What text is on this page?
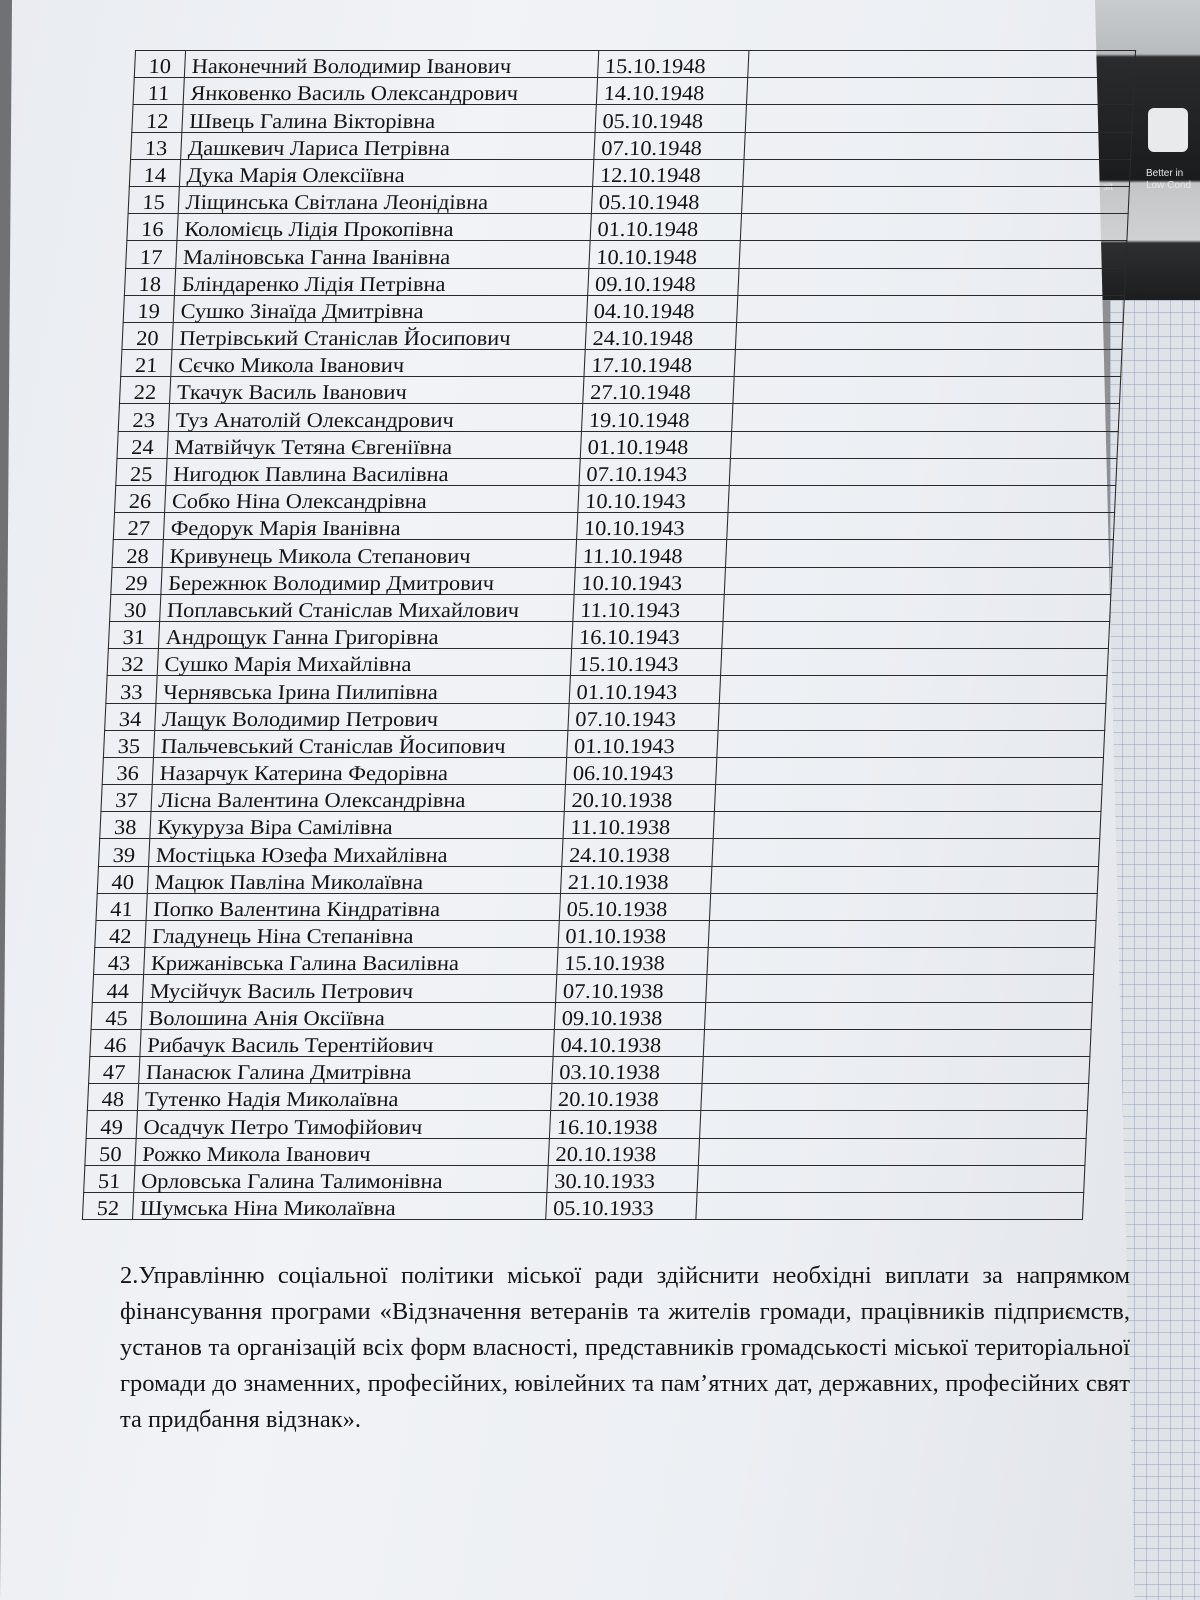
Better in Low Cond
sit
10	Наконечний Володимир Іванович	15.10.1948	
11	Янковенко Василь Олександрович	14.10.1948	
12	Швець Галина Вікторівна	05.10.1948	
13	Дашкевич Лариса Петрівна	07.10.1948	
14	Дука Марія Олексіївна	12.10.1948	
15	Ліщинська Світлана Леонідівна	05.10.1948	
16	Коломієць Лідія Прокопівна	01.10.1948	
17	Маліновська Ганна Іванівна	10.10.1948	
18	Бліндаренко Лідія Петрівна	09.10.1948	
19	Сушко Зінаїда Дмитрівна	04.10.1948	
20	Петрівський Станіслав Йосипович	24.10.1948	
21	Сєчко Микола Іванович	17.10.1948	
22	Ткачук Василь Іванович	27.10.1948	
23	Туз Анатолій Олександрович	19.10.1948	
24	Матвійчук Тетяна Євгеніївна	01.10.1948	
25	Нигодюк Павлина Василівна	07.10.1943	
26	Собко Ніна Олександрівна	10.10.1943	
27	Федорук Марія Іванівна	10.10.1943	
28	Кривунець Микола Степанович	11.10.1948	
29	Бережнюк Володимир Дмитрович	10.10.1943	
30	Поплавський Станіслав Михайлович	11.10.1943	
31	Андрощук Ганна Григорівна	16.10.1943	
32	Сушко Марія Михайлівна	15.10.1943	
33	Чернявська Ірина Пилипівна	01.10.1943	
34	Лащук Володимир Петрович	07.10.1943	
35	Пальчевський Станіслав Йосипович	01.10.1943	
36	Назарчук Катерина Федорівна	06.10.1943	
37	Лісна Валентина Олександрівна	20.10.1938	
38	Кукуруза Віра Самілівна	11.10.1938	
39	Мостіцька Юзефа Михайлівна	24.10.1938	
40	Мацюк Павліна Миколаївна	21.10.1938	
41	Попко Валентина Кіндратівна	05.10.1938	
42	Гладунець Ніна Степанівна	01.10.1938	
43	Крижанівська Галина Василівна	15.10.1938	
44	Мусійчук Василь Петрович	07.10.1938	
45	Волошина Анія Оксіївна	09.10.1938	
46	Рибачук Василь Терентійович	04.10.1938	
47	Панасюк Галина Дмитрівна	03.10.1938	
48	Тутенко Надія Миколаївна	20.10.1938	
49	Осадчук Петро Тимофійович	16.10.1938	
50	Рожко Микола Іванович	20.10.1938	
51	Орловська Галина Талимонівна	30.10.1933	
52	Шумська Ніна Миколаївна	05.10.1933	
2.Управлінню соціальної політики міської ради здійснити необхідні виплати за напрямком фінансування програми «Відзначення ветеранів та жителів громади, працівників підприємств, установ та організацій всіх форм власності, представників громадськості міської територіальної громади до знаменних, професійних, ювілейних та пам’ятних дат, державних, професійних свят та придбання відзнак».
